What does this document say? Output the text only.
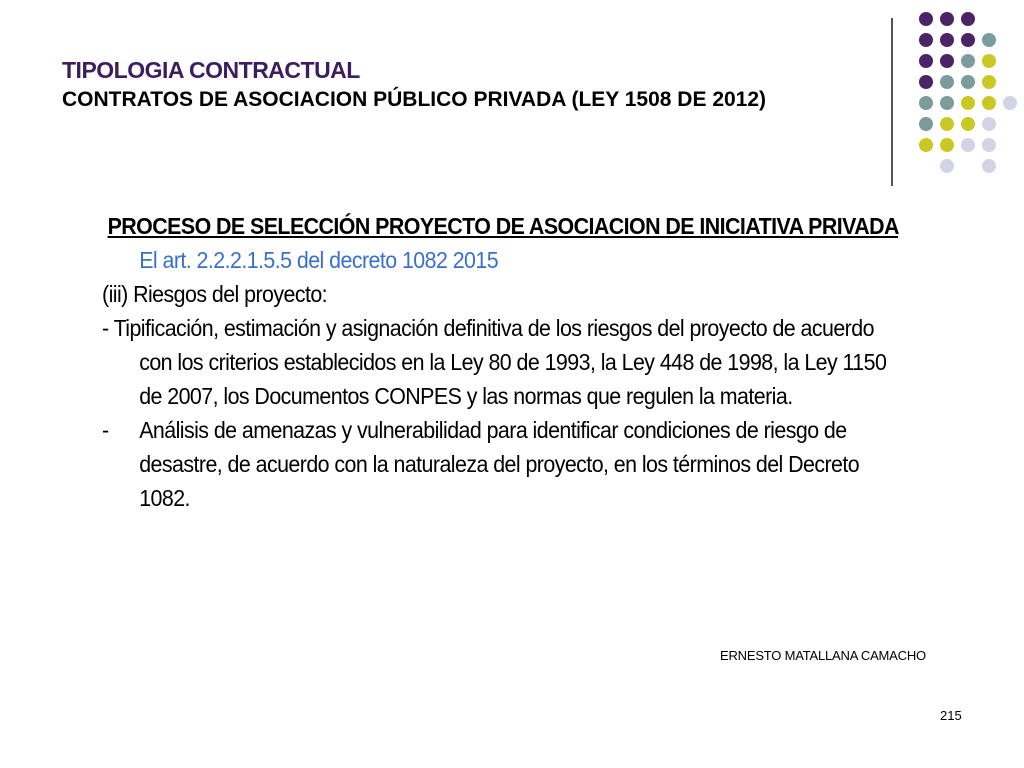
TIPOLOGIA CONTRACTUAL
CONTRATOS DE ASOCIACION PÚBLICO PRIVADA (LEY 1508 DE 2012)

PROCESO DE SELECCIÓN PROYECTO DE ASOCIACION DE INICIATIVA PRIVADA El art. 2.2.2.1.5.5 del decreto 1082 2015

(iii) Riesgos del proyecto:

- Tipificación, estimación y asignación definitiva de los riesgos del proyecto de acuerdo con los criterios establecidos en la Ley 80 de 1993, la Ley 448 de 1998, la Ley 1150 de 2007, los Documentos CONPES y las normas que regulen la materia.

- Análisis de amenazas y vulnerabilidad para identificar condiciones de riesgo de desastre, de acuerdo con la naturaleza del proyecto, en los términos del Decreto 1082.

ERNESTO MATALLANA CAMACHO
215
